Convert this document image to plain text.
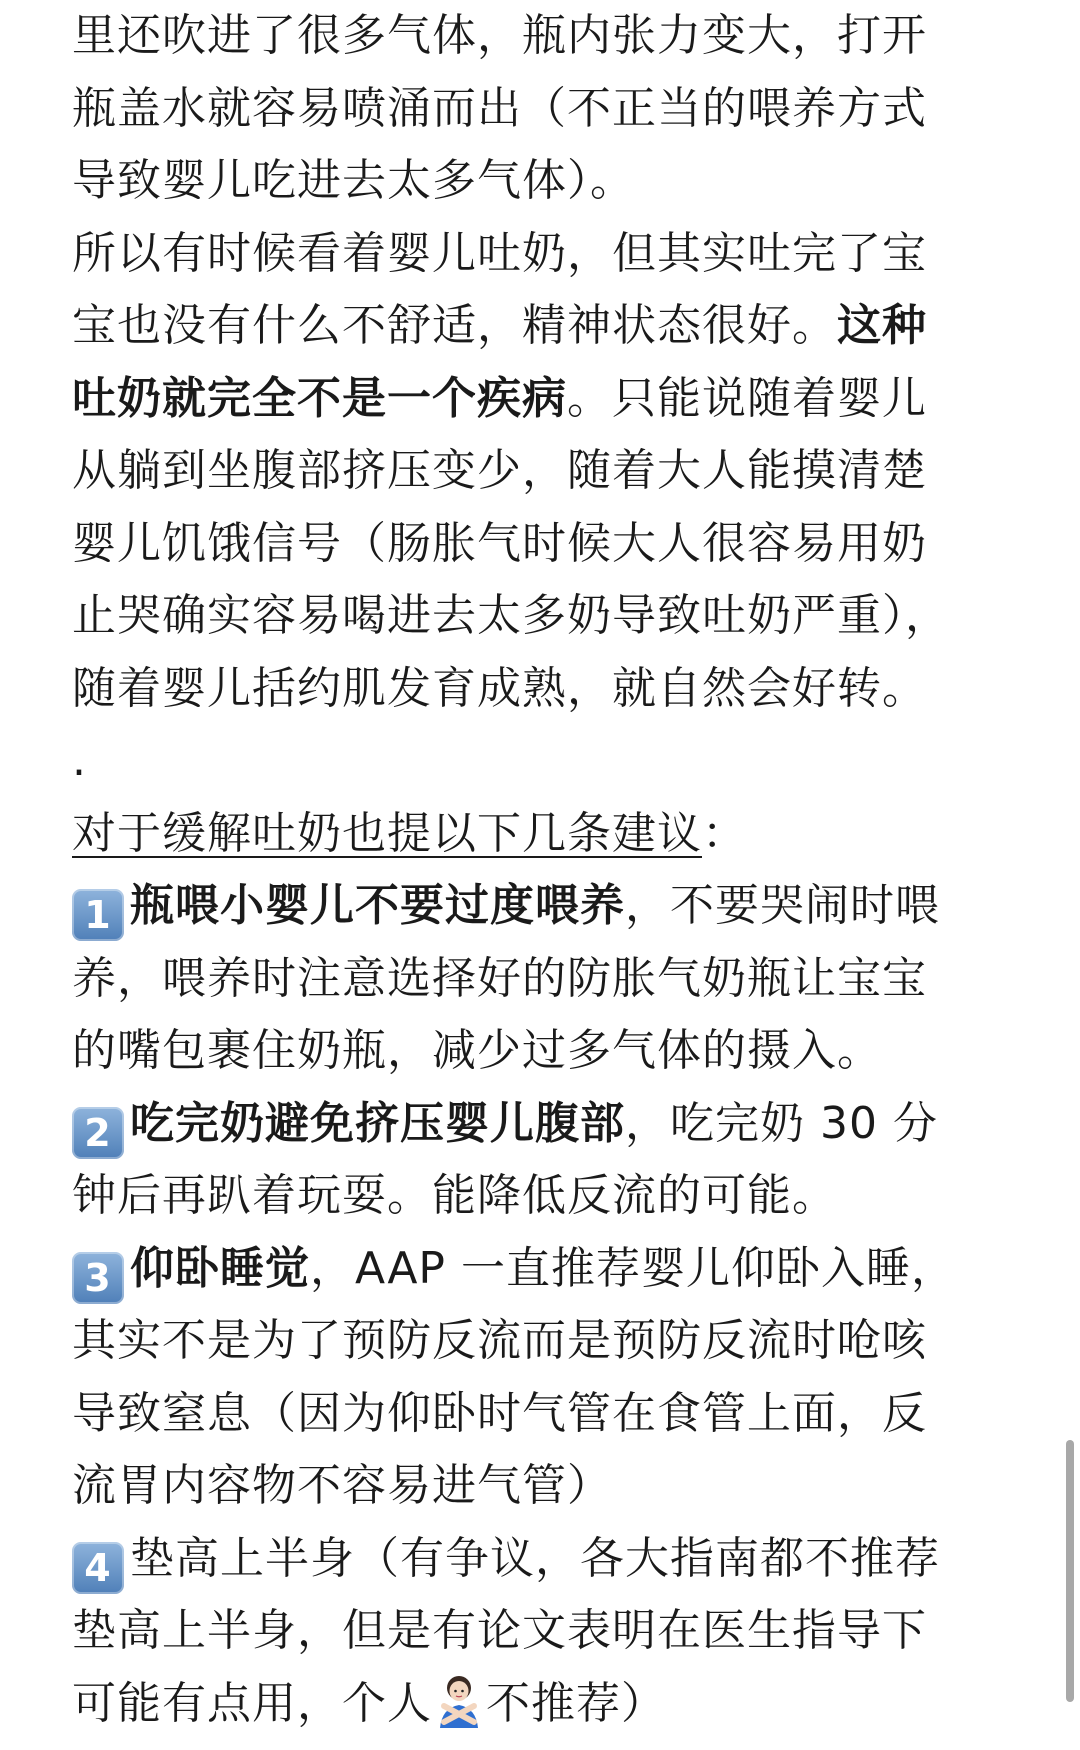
里还吹进了很多气体，瓶内张力变大，打开
瓶盖水就容易喷涌而出（不正当的喂养方式
导致婴儿吃进去太多气体）。
所以有时候看着婴儿吐奶，但其实吐完了宝
宝也没有什么不舒适，精神状态很好。这种
吐奶就完全不是一个疾病。只能说随着婴儿
从躺到坐腹部挤压变少，随着大人能摸清楚
婴儿饥饿信号（肠胀气时候大人很容易用奶
止哭确实容易喝进去太多奶导致吐奶严重），
随着婴儿括约肌发育成熟，就自然会好转。
.
对于缓解吐奶也提以下几条建议：
1 瓶喂小婴儿不要过度喂养，不要哭闹时喂
养，喂养时注意选择好的防胀气奶瓶让宝宝
的嘴包裹住奶瓶，减少过多气体的摄入。
2 吃完奶避免挤压婴儿腹部，吃完奶 30 分
钟后再趴着玩耍。能降低反流的可能。
3 仰卧睡觉，AAP 一直推荐婴儿仰卧入睡，
其实不是为了预防反流而是预防反流时呛咳
导致窒息（因为仰卧时气管在食管上面，反
流胃内容物不容易进气管）
4 垫高上半身（有争议，各大指南都不推荐
垫高上半身，但是有论文表明在医生指导下
可能有点用，个人 不推荐）
